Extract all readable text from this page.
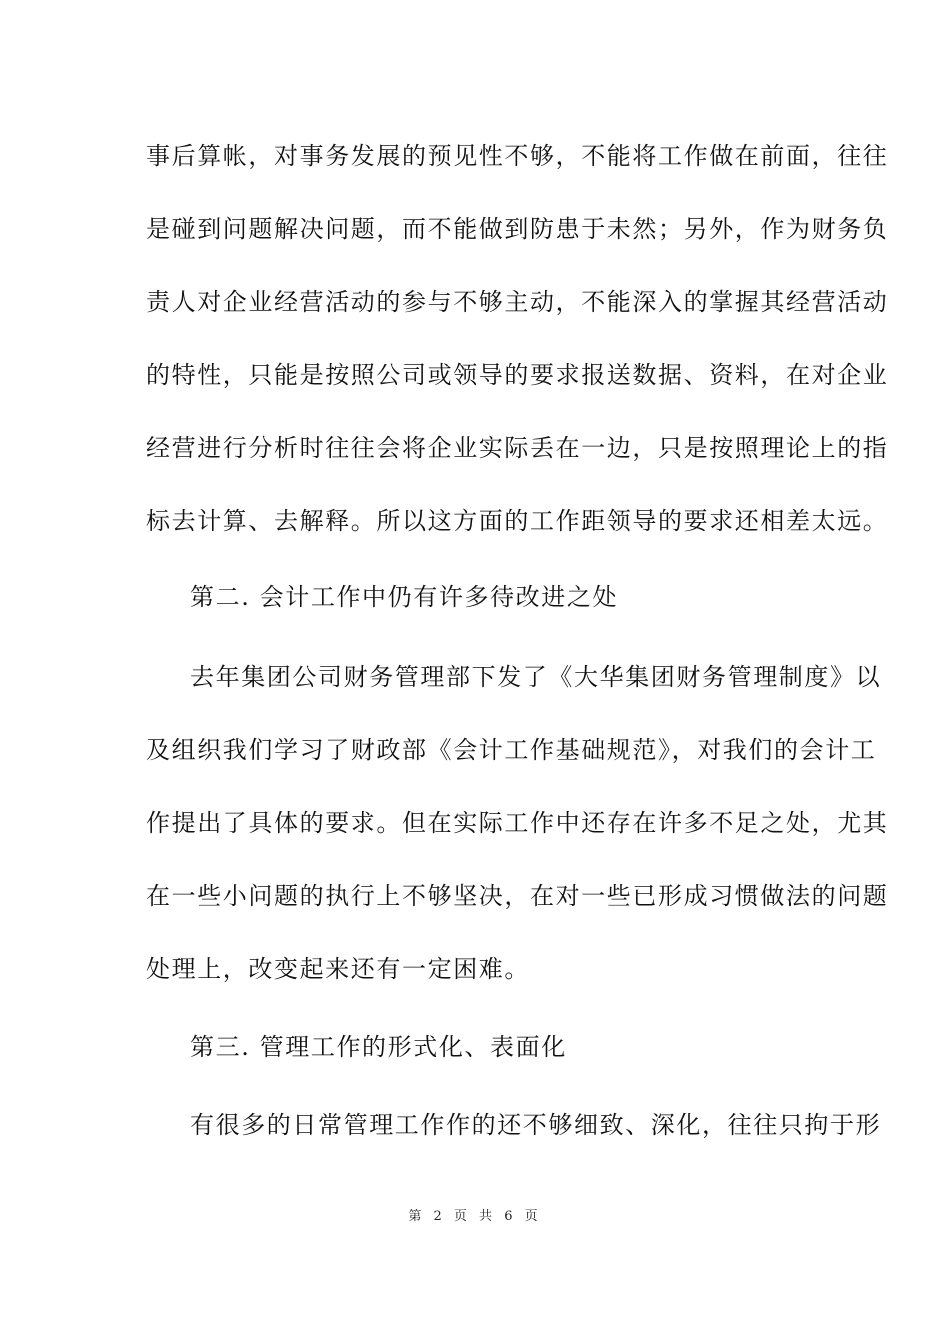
事后算帐，对事务发展的预见性不够，不能将工作做在前面，往往
是碰到问题解决问题，而不能做到防患于未然；另外，作为财务负
责人对企业经营活动的参与不够主动，不能深入的掌握其经营活动
的特性，只能是按照公司或领导的要求报送数据、资料，在对企业
经营进行分析时往往会将企业实际丢在一边，只是按照理论上的指
标去计算、去解释。所以这方面的工作距领导的要求还相差太远。
第二. 会计工作中仍有许多待改进之处
去年集团公司财务管理部下发了《大华集团财务管理制度》以
及组织我们学习了财政部《会计工作基础规范》，对我们的会计工
作提出了具体的要求。但在实际工作中还存在许多不足之处，尤其
在一些小问题的执行上不够坚决，在对一些已形成习惯做法的问题
处理上，改变起来还有一定困难。
第三. 管理工作的形式化、表面化
有很多的日常管理工作作的还不够细致、深化，往往只拘于形
第 2 页 共 6 页
